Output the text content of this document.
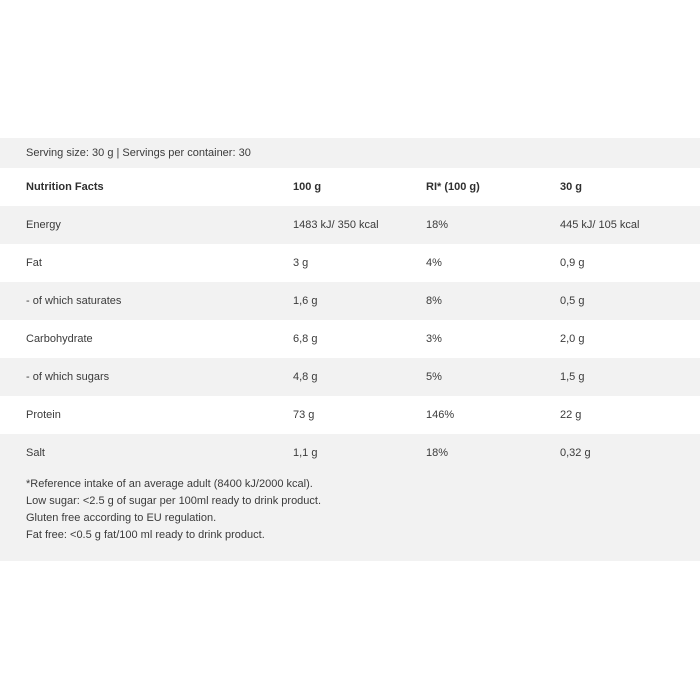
Serving size: 30 g | Servings per container: 30
Nutrition Facts	100 g	RI* (100 g)	30 g
Energy	1483 kJ/ 350 kcal	18%	445 kJ/ 105 kcal
Fat	3 g	4%	0,9 g
- of which saturates	1,6 g	8%	0,5 g
Carbohydrate	6,8 g	3%	2,0 g
- of which sugars	4,8 g	5%	1,5 g
Protein	73 g	146%	22 g
Salt	1,1 g	18%	0,32 g
*Reference intake of an average adult (8400 kJ/2000 kcal).
Low sugar: <2.5 g of sugar per 100ml ready to drink product.
Gluten free according to EU regulation.
Fat free: <0.5 g fat/100 ml ready to drink product.
